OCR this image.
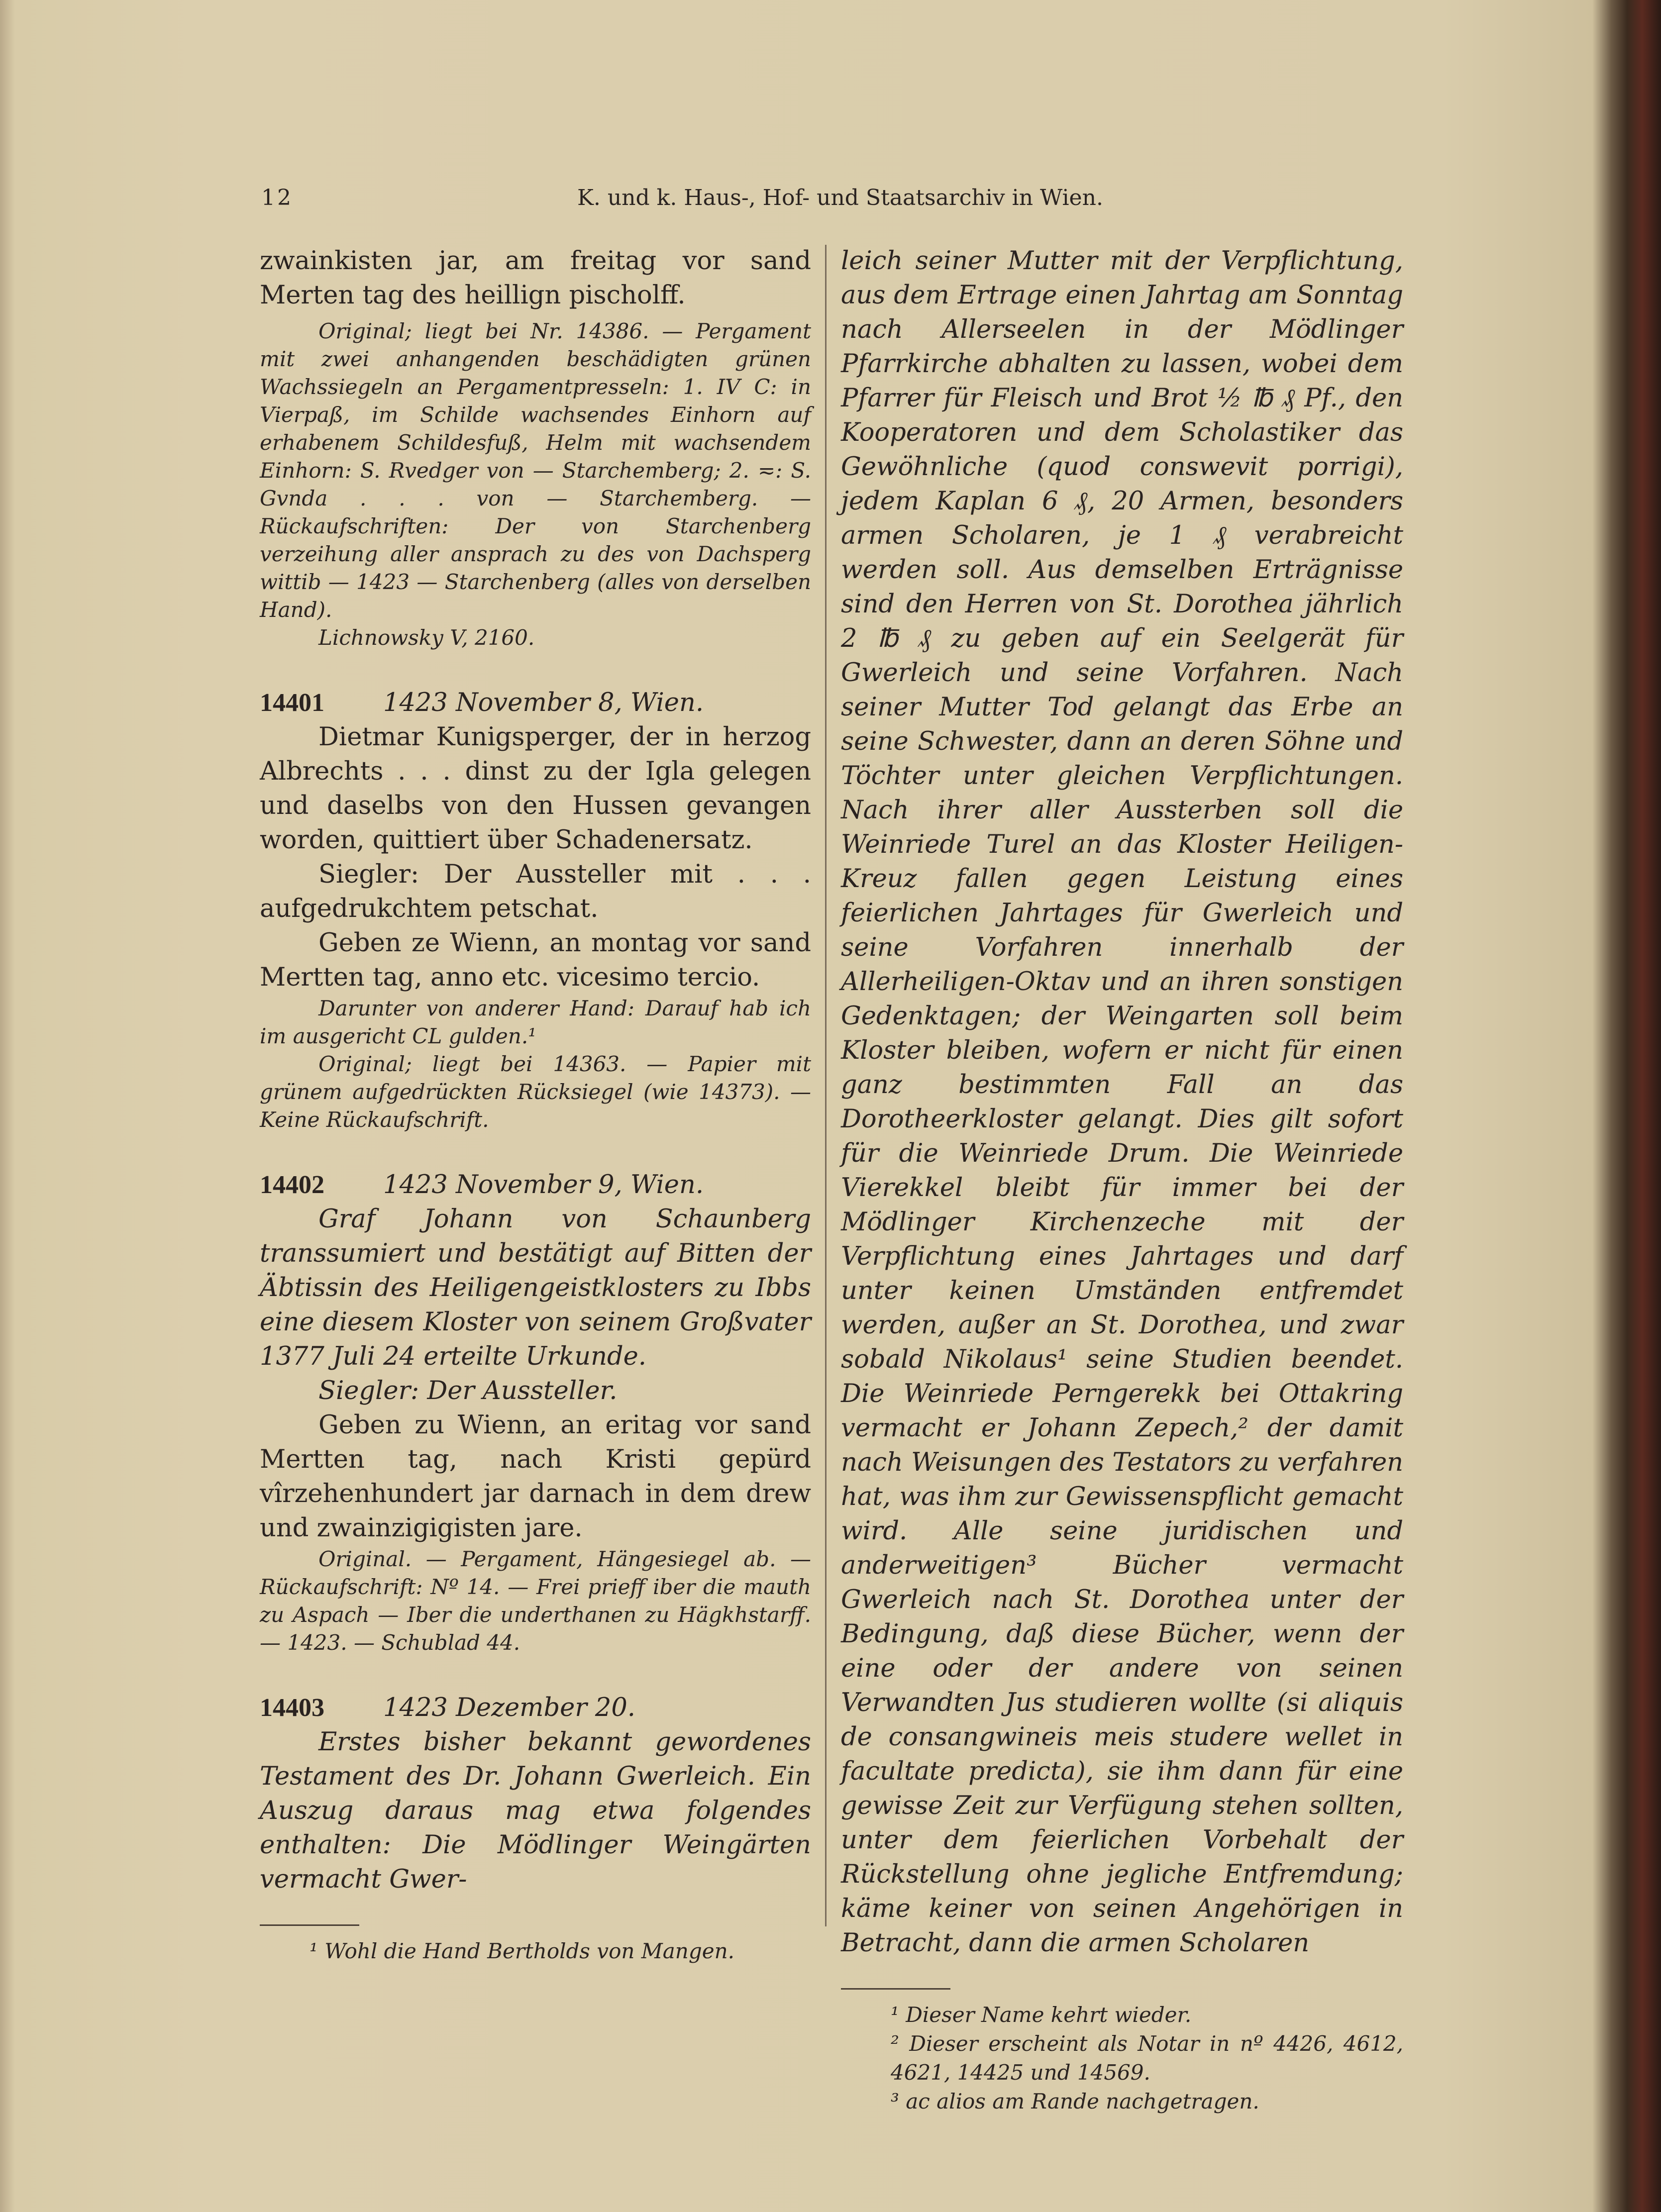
12	K. und k. Haus-, Hof- und Staatsarchiv in Wien.

zwainkisten jar, am freitag vor sand Merten tag des heillign pischolff.

Original; liegt bei Nr. 14386. — Pergament mit zwei anhangenden beschädigten grünen Wachssiegeln an Pergamentpresseln: 1. IV C: in Vierpaß, im Schilde wachsendes Einhorn auf erhabenem Schildesfuß, Helm mit wachsendem Einhorn: S. Rvedger von — Starchemberg; 2. ≂: S. Gvnda . . . von — Starchemberg. — Rückaufschriften: Der von Starchenberg verzeihung aller ansprach zu des von Dachsperg wittib — 1423 — Starchenberg (alles von derselben Hand).

Lichnowsky V, 2160.

14401 1423 November 8, Wien.

Dietmar Kunigsperger, der in herzog Albrechts . . . dinst zu der Igla gelegen und daselbs von den Hussen gevangen worden, quittiert über Schadenersatz.

Siegler: Der Aussteller mit . . . aufgedrukchtem petschat.

Geben ze Wienn, an montag vor sand Mertten tag, anno etc. vicesimo tercio.

Darunter von anderer Hand: Darauf hab ich im ausgericht CL gulden.¹

Original; liegt bei 14363. — Papier mit grünem aufgedrückten Rücksiegel (wie 14373). — Keine Rückaufschrift.

14402 1423 November 9, Wien.

Graf Johann von Schaunberg transsumiert und bestätigt auf Bitten der Äbtissin des Heiligengeistklosters zu Ibbs eine diesem Kloster von seinem Großvater 1377 Juli 24 erteilte Urkunde.

Siegler: Der Aussteller.

Geben zu Wienn, an eritag vor sand Mertten tag, nach Kristi gepürd vîrzehenhundert jar darnach in dem drew und zwainzigigisten jare.

Original. — Pergament, Hängesiegel ab. — Rückaufschrift: Nº 14. — Frei prieff iber die mauth zu Aspach — Iber die underthanen zu Hägkhstarff. — 1423. — Schublad 44.

14403 1423 Dezember 20.

Erstes bisher bekannt gewordenes Testament des Dr. Johann Gwerleich. Ein Auszug daraus mag etwa folgendes enthalten: Die Mödlinger Weingärten vermacht Gwer-

¹ Wohl die Hand Bertholds von Mangen.

leich seiner Mutter mit der Verpflichtung, aus dem Ertrage einen Jahrtag am Sonntag nach Allerseelen in der Mödlinger Pfarrkirche abhalten zu lassen, wobei dem Pfarrer für Fleisch und Brot ½ ℔ ₰ Pf., den Kooperatoren und dem Scholastiker das Gewöhnliche (quod conswevit porrigi), jedem Kaplan 6 ₰, 20 Armen, besonders armen Scholaren, je 1 ₰ verabreicht werden soll. Aus demselben Erträgnisse sind den Herren von St. Dorothea jährlich 2 ℔ ₰ zu geben auf ein Seelgerät für Gwerleich und seine Vorfahren. Nach seiner Mutter Tod gelangt das Erbe an seine Schwester, dann an deren Söhne und Töchter unter gleichen Verpflichtungen. Nach ihrer aller Aussterben soll die Weinriede Turel an das Kloster Heiligen-Kreuz fallen gegen Leistung eines feierlichen Jahrtages für Gwerleich und seine Vorfahren innerhalb der Allerheiligen-Oktav und an ihren sonstigen Gedenktagen; der Weingarten soll beim Kloster bleiben, wofern er nicht für einen ganz bestimmten Fall an das Dorotheerkloster gelangt. Dies gilt sofort für die Weinriede Drum. Die Weinriede Vierekkel bleibt für immer bei der Mödlinger Kirchenzeche mit der Verpflichtung eines Jahrtages und darf unter keinen Umständen entfremdet werden, außer an St. Dorothea, und zwar sobald Nikolaus¹ seine Studien beendet. Die Weinriede Perngerekk bei Ottakring vermacht er Johann Zepech,² der damit nach Weisungen des Testators zu verfahren hat, was ihm zur Gewissenspflicht gemacht wird. Alle seine juridischen und anderweitigen³ Bücher vermacht Gwerleich nach St. Dorothea unter der Bedingung, daß diese Bücher, wenn der eine oder der andere von seinen Verwandten Jus studieren wollte (si aliquis de consangwineis meis studere wellet in facultate predicta), sie ihm dann für eine gewisse Zeit zur Verfügung stehen sollten, unter dem feierlichen Vorbehalt der Rückstellung ohne jegliche Entfremdung; käme keiner von seinen Angehörigen in Betracht, dann die armen Scholaren

¹ Dieser Name kehrt wieder.

² Dieser erscheint als Notar in nº 4426, 4612, 4621, 14425 und 14569.

³ ac alios am Rande nachgetragen.
